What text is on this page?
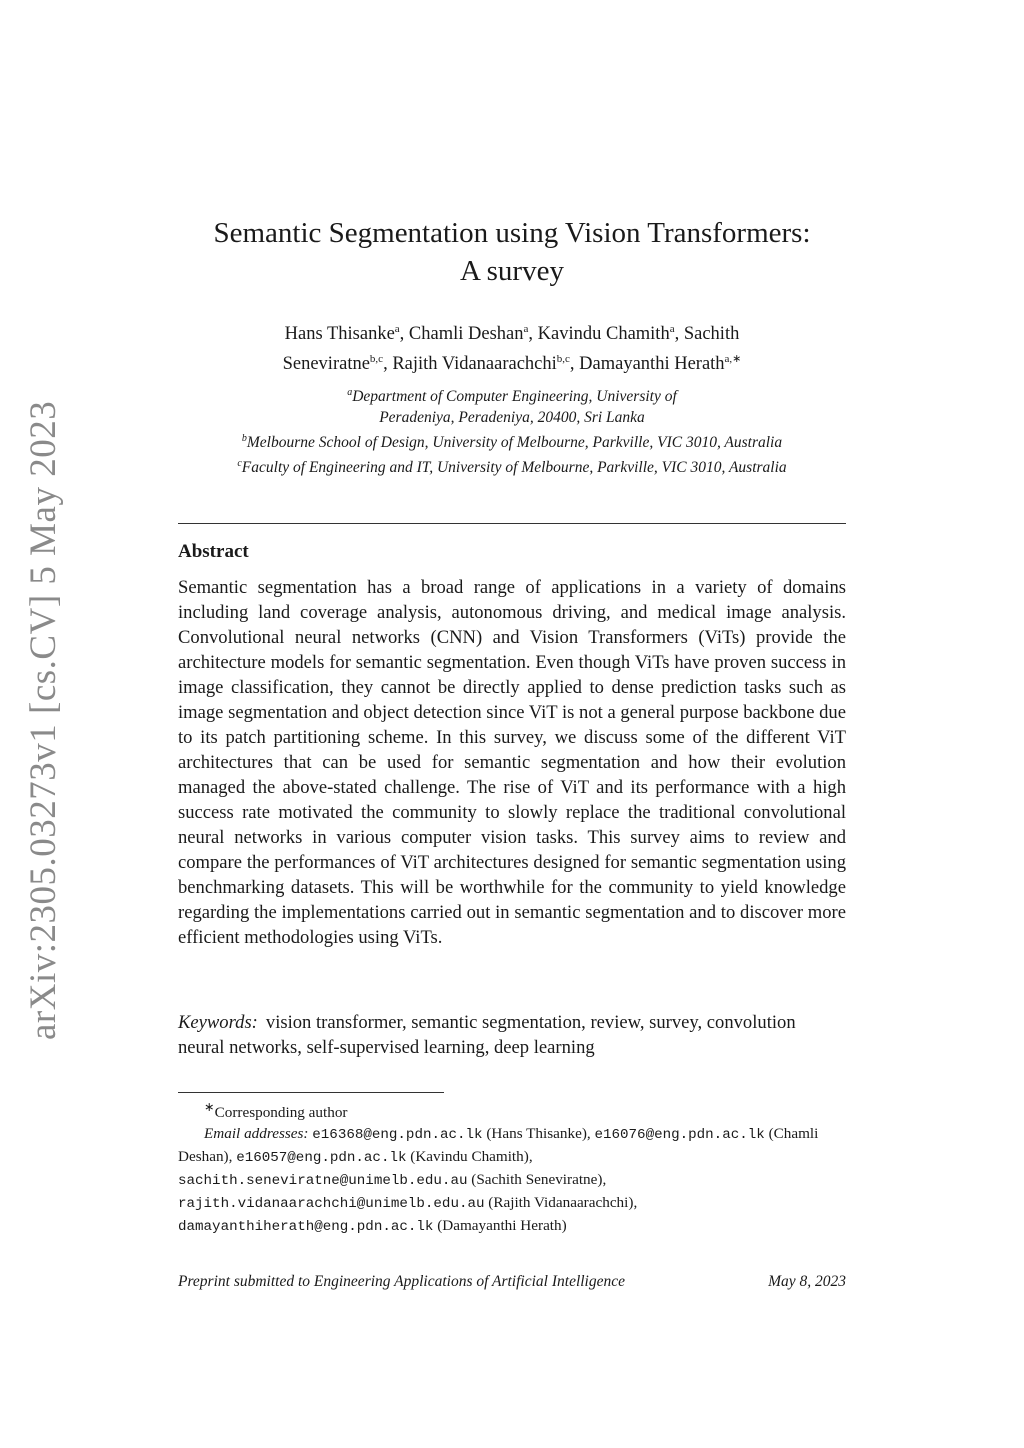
arXiv:2305.03273v1 [cs.CV] 5 May 2023
Semantic Segmentation using Vision Transformers:
A survey
Hans Thisanke$^a$, Chamli Deshan$^a$, Kavindu Chamith$^a$, Sachith
Seneviratne$^{b,c}$, Rajith Vidanaarachchi$^{b,c}$, Damayanthi Herath$^{a,∗}$
$^a$Department of Computer Engineering, University of
Peradeniya, Peradeniya, 20400, Sri Lanka
$^b$Melbourne School of Design, University of Melbourne, Parkville, VIC 3010, Australia
$^c$Faculty of Engineering and IT, University of Melbourne, Parkville, VIC 3010, Australia
Abstract
Semantic segmentation has a broad range of applications in a variety of domains including land coverage analysis, autonomous driving, and medical image analysis. Convolutional neural networks (CNN) and Vision Transformers (ViTs) provide the architecture models for semantic segmentation. Even though ViTs have proven success in image classification, they cannot be directly applied to dense prediction tasks such as image segmentation and object detection since ViT is not a general purpose backbone due to its patch partitioning scheme. In this survey, we discuss some of the different ViT architectures that can be used for semantic segmentation and how their evolution managed the above-stated challenge. The rise of ViT and its performance with a high success rate motivated the community to slowly replace the traditional convolutional neural networks in various computer vision tasks. This survey aims to review and compare the performances of ViT architectures designed for semantic segmentation using benchmarking datasets. This will be worthwhile for the community to yield knowledge regarding the implementations carried out in semantic segmentation and to discover more efficient methodologies using ViTs.
Keywords: vision transformer, semantic segmentation, review, survey, convolution neural networks, self-supervised learning, deep learning
∗Corresponding author
Email addresses: e16368@eng.pdn.ac.lk (Hans Thisanke), e16076@eng.pdn.ac.lk (Chamli Deshan), e16057@eng.pdn.ac.lk (Kavindu Chamith),
sachith.seneviratne@unimelb.edu.au (Sachith Seneviratne),
rajith.vidanaarachchi@unimelb.edu.au (Rajith Vidanaarachchi),
damayanthiherath@eng.pdn.ac.lk (Damayanthi Herath)
Preprint submitted to Engineering Applications of Artificial Intelligence	May 8, 2023
